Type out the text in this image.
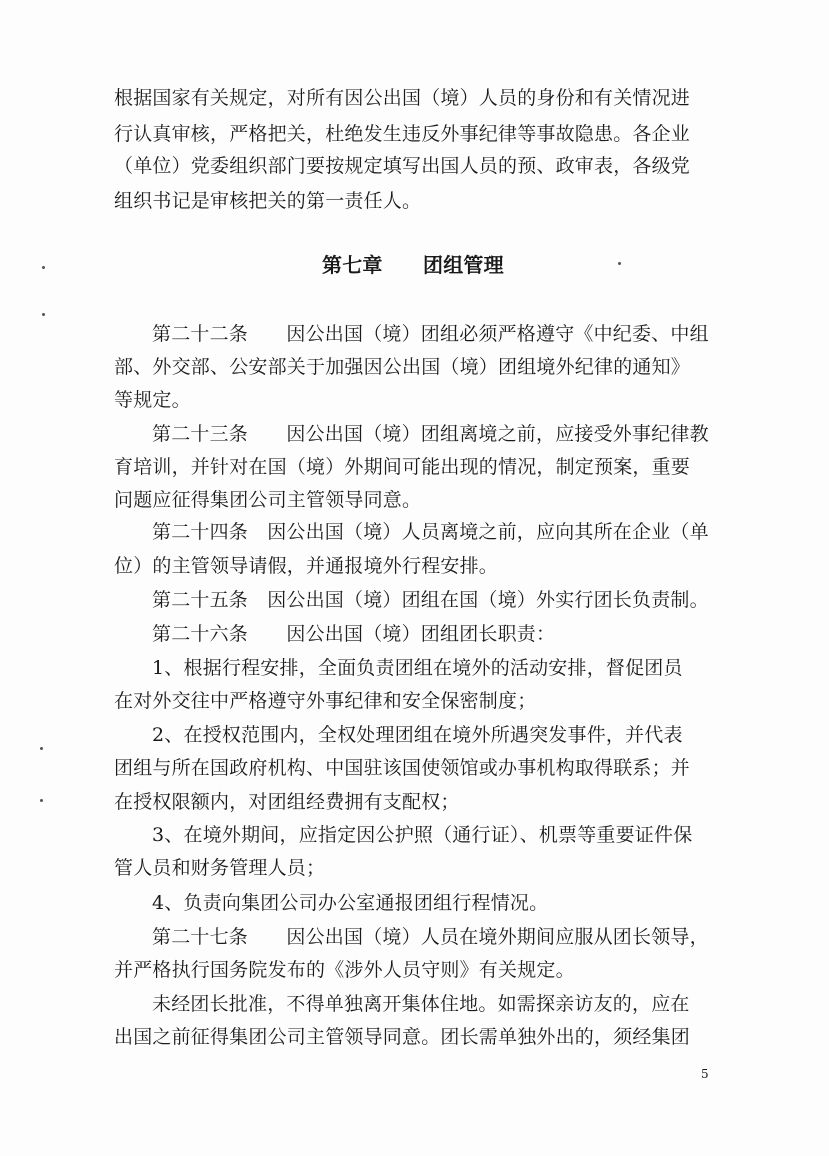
根据国家有关规定，对所有因公出国（境）人员的身份和有关情况进
行认真审核，严格把关，杜绝发生违反外事纪律等事故隐患。各企业
（单位）党委组织部门要按规定填写出国人员的预、政审表，各级党
组织书记是审核把关的第一责任人。
第七章　　团组管理
第二十二条　　因公出国（境）团组必须严格遵守《中纪委、中组
部、外交部、公安部关于加强因公出国（境）团组境外纪律的通知》
等规定。
第二十三条　　因公出国（境）团组离境之前，应接受外事纪律教
育培训，并针对在国（境）外期间可能出现的情况，制定预案，重要
问题应征得集团公司主管领导同意。
第二十四条　因公出国（境）人员离境之前，应向其所在企业（单
位）的主管领导请假，并通报境外行程安排。
第二十五条　因公出国（境）团组在国（境）外实行团长负责制。
第二十六条　　因公出国（境）团组团长职责：
1、根据行程安排，全面负责团组在境外的活动安排，督促团员
在对外交往中严格遵守外事纪律和安全保密制度；
2、在授权范围内，全权处理团组在境外所遇突发事件，并代表
团组与所在国政府机构、中国驻该国使领馆或办事机构取得联系；并
在授权限额内，对团组经费拥有支配权；
3、在境外期间，应指定因公护照（通行证）、机票等重要证件保
管人员和财务管理人员；
4、负责向集团公司办公室通报团组行程情况。
第二十七条　　因公出国（境）人员在境外期间应服从团长领导，
并严格执行国务院发布的《涉外人员守则》有关规定。
未经团长批准，不得单独离开集体住地。如需探亲访友的，应在
出国之前征得集团公司主管领导同意。团长需单独外出的，须经集团
5
